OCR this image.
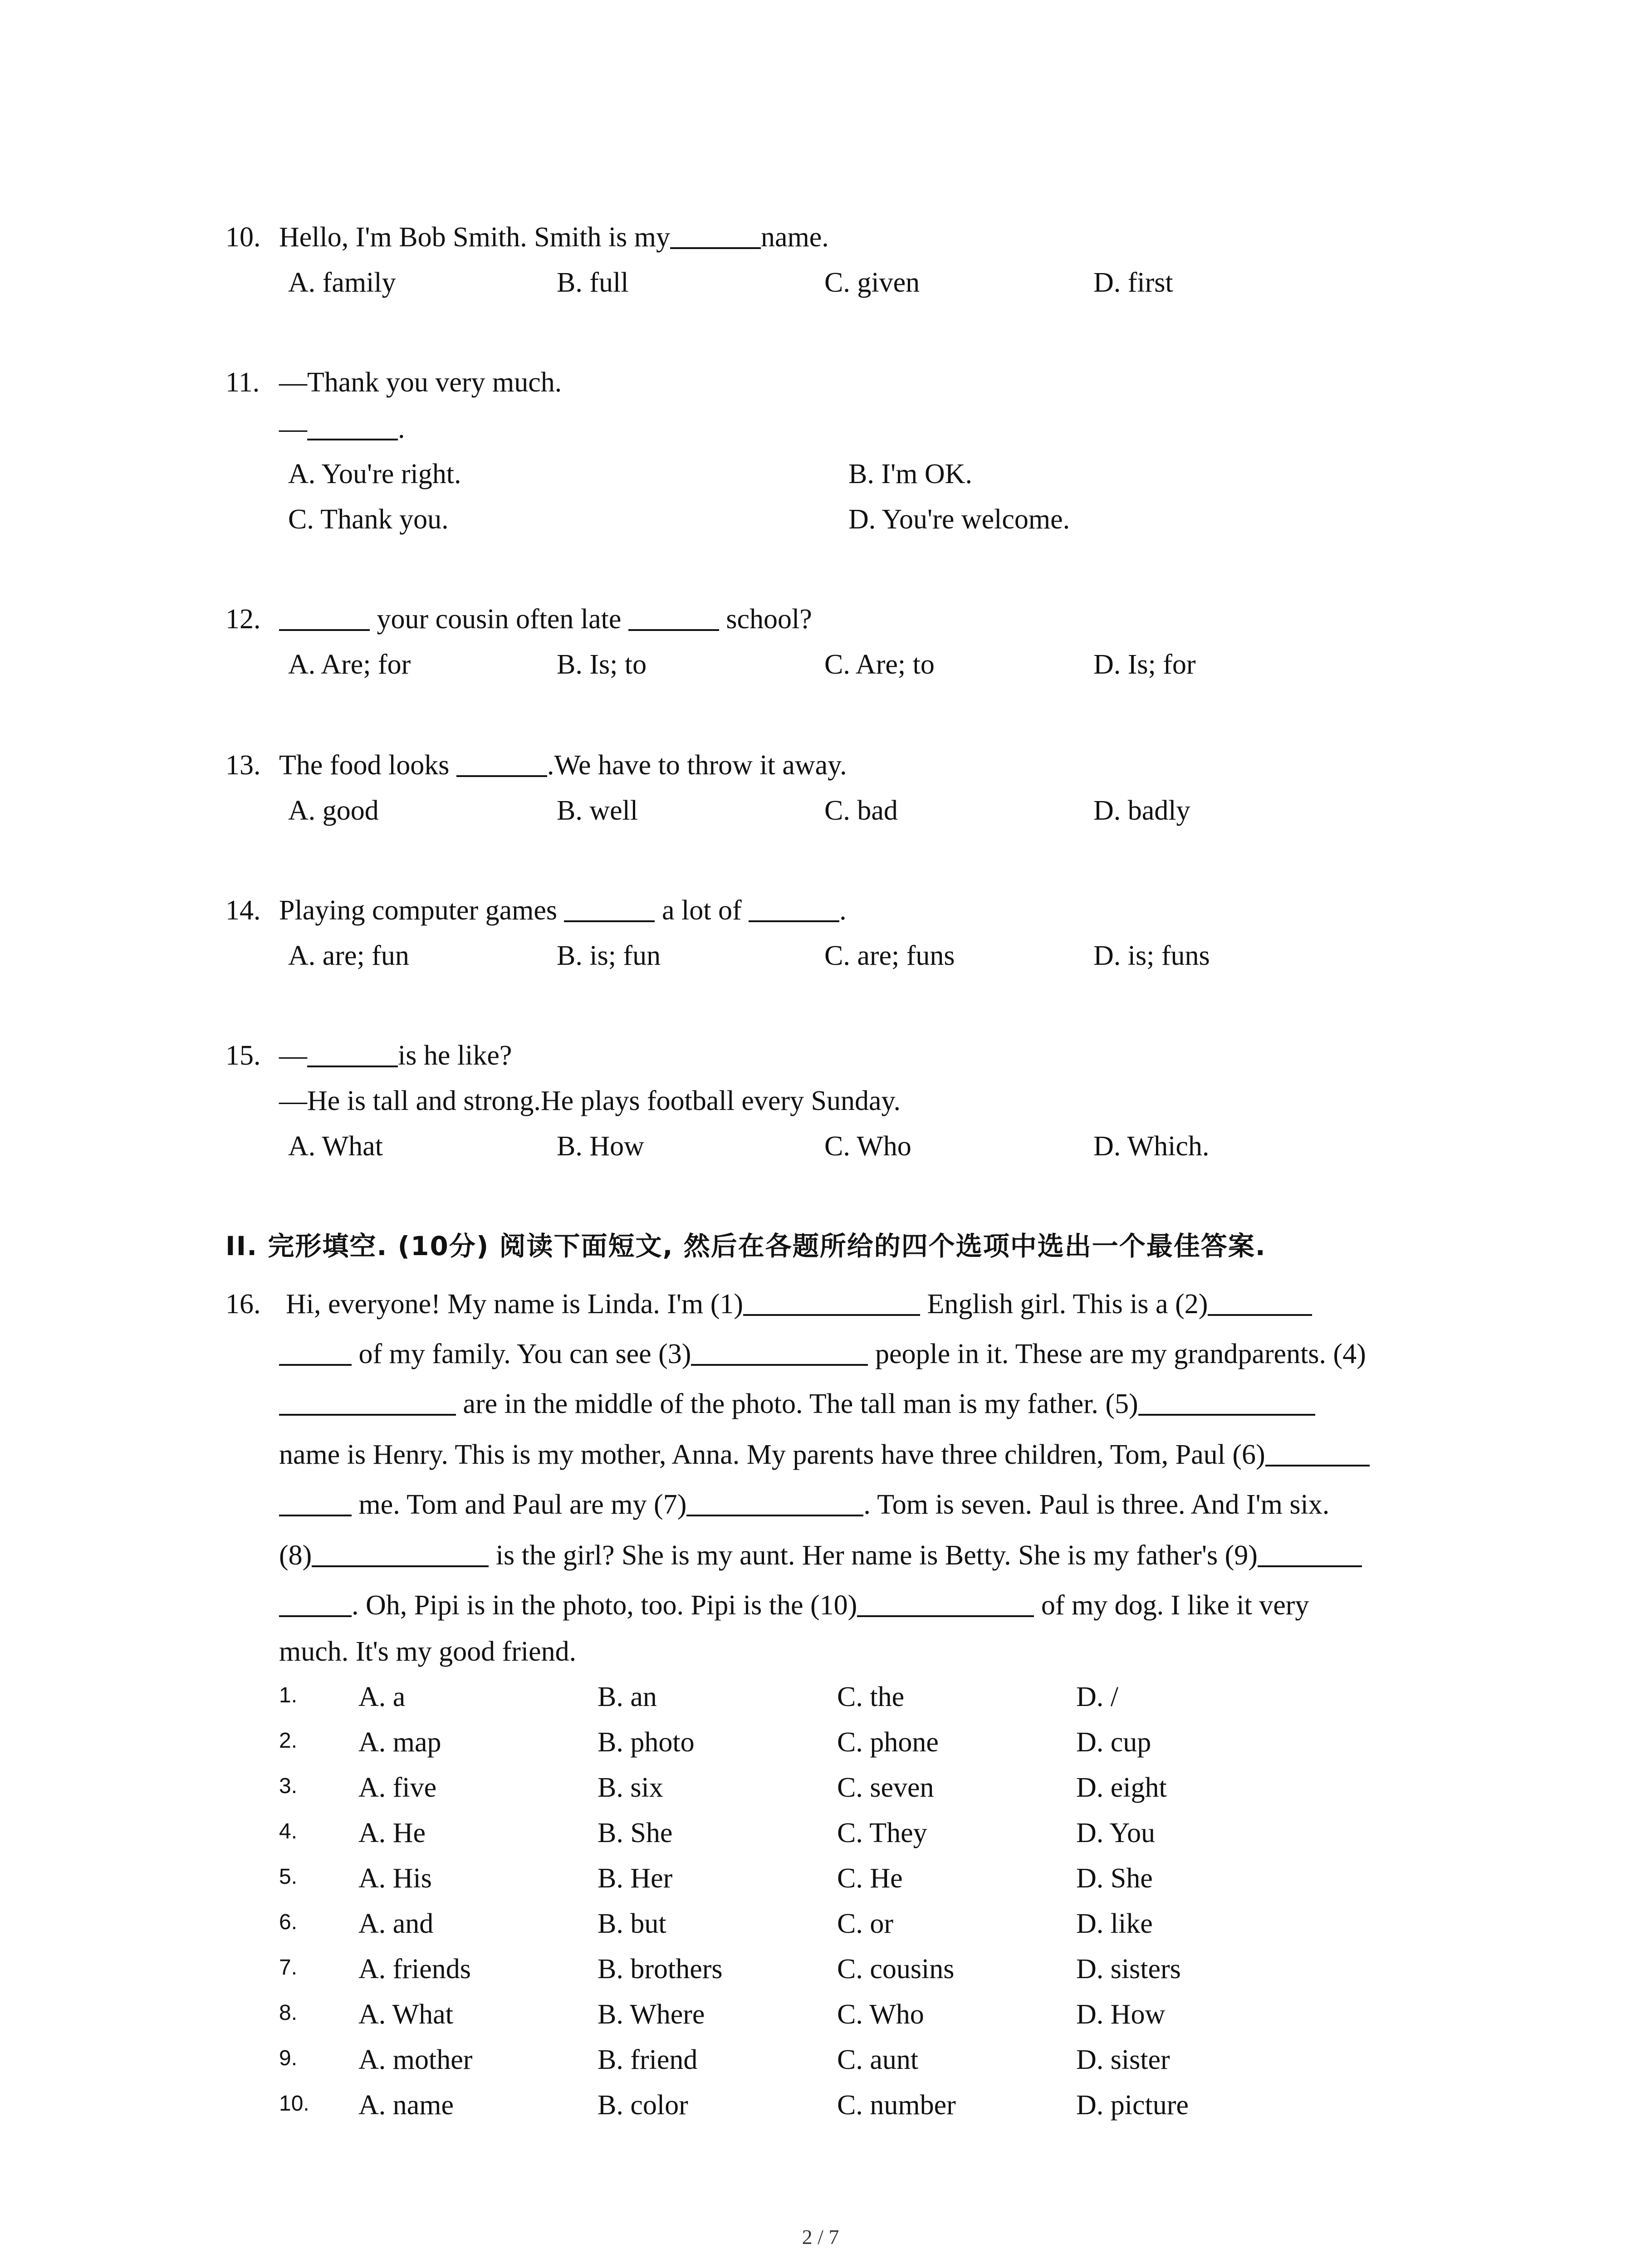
10. Hello, I'm Bob Smith. Smith is my	name.
A. family	B. full	C. given	D. first
11. —Thank you very much.
—	.
A. You're right.	B. I'm OK.
C. Thank you.	D. You're welcome.
12.	your cousin often late	school?
A. Are; for	B. Is; to	C. Are; to	D. Is; for
13. The food looks	.We have to throw it away.
A. good	B. well	C. bad	D. badly
14. Playing computer games	a lot of	.
A. are; fun	B. is; fun	C. are; funs	D. is; funs
15. —	is he like?
—He is tall and strong.He plays football every Sunday.
A. What	B. How	C. Who	D. Which.
II. 完形填空. (10分) 阅读下面短文, 然后在各题所给的四个选项中选出一个最佳答案.
16. Hi, everyone! My name is Linda. I'm (1)	English girl. This is a (2)
of my family. You can see (3)	people in it. These are my grandparents. (4)
are in the middle of the photo. The tall man is my father. (5)
name is Henry. This is my mother, Anna. My parents have three children, Tom, Paul (6)
me. Tom and Paul are my (7)	. Tom is seven. Paul is three. And I'm six.
(8)	is the girl? She is my aunt. Her name is Betty. She is my father's (9)
. Oh, Pipi is in the photo, too. Pipi is the (10)	of my dog. I like it very
much. It's my good friend.
1. A. a	B. an	C. the	D. /
2. A. map	B. photo	C. phone	D. cup
3. A. five	B. six	C. seven	D. eight
4. A. He	B. She	C. They	D. You
5. A. His	B. Her	C. He	D. She
6. A. and	B. but	C. or	D. like
7. A. friends	B. brothers	C. cousins	D. sisters
8. A. What	B. Where	C. Who	D. How
9. A. mother	B. friend	C. aunt	D. sister
10. A. name	B. color	C. number	D. picture
2 / 7
